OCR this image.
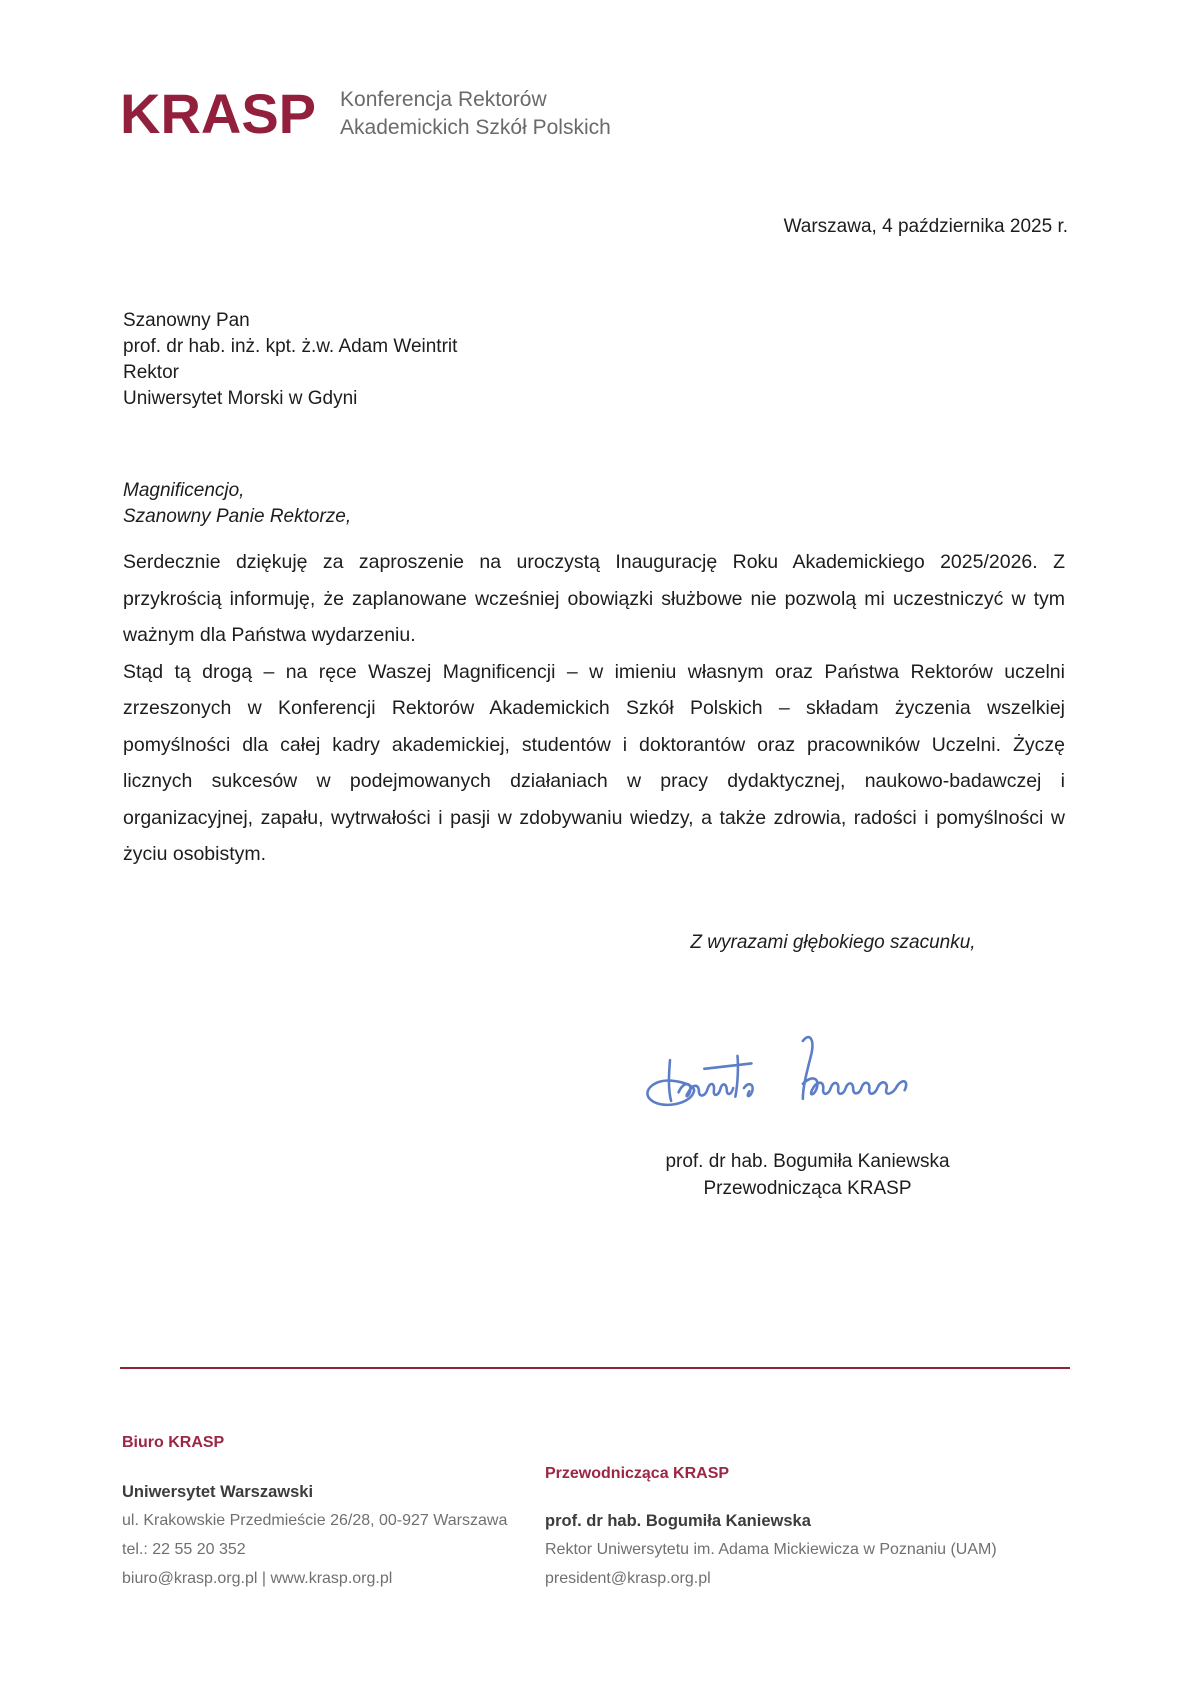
KRASP Konferencja Rektorów
Akademickich Szkół Polskich
Warszawa, 4 października 2025 r.
Szanowny Pan
prof. dr hab. inż. kpt. ż.w. Adam Weintrit
Rektor
Uniwersytet Morski w Gdyni
Magnificencjo,
Szanowny Panie Rektorze,

Serdecznie dziękuję za zaproszenie na uroczystą Inaugurację Roku Akademickiego 2025/2026. Z przykrością informuję, że zaplanowane wcześniej obowiązki służbowe nie pozwolą mi uczestniczyć w tym ważnym dla Państwa wydarzeniu.

Stąd tą drogą – na ręce Waszej Magnificencji – w imieniu własnym oraz Państwa Rektorów uczelni zrzeszonych w Konferencji Rektorów Akademickich Szkół Polskich – składam życzenia wszelkiej pomyślności dla całej kadry akademickiej, studentów i doktorantów oraz pracowników Uczelni. Życzę licznych sukcesów w podejmowanych działaniach w pracy dydaktycznej, naukowo-badawczej i organizacyjnej, zapału, wytrwałości i pasji w zdobywaniu wiedzy, a także zdrowia, radości i pomyślności w życiu osobistym.

Z wyrazami głębokiego szacunku,
prof. dr hab. Bogumiła Kaniewska
Przewodnicząca KRASP
Biuro KRASP
Uniwersytet Warszawski
ul. Krakowskie Przedmieście 26/28, 00-927 Warszawa
tel.: 22 55 20 352
biuro@krasp.org.pl | www.krasp.org.pl
Przewodnicząca KRASP
prof. dr hab. Bogumiła Kaniewska
Rektor Uniwersytetu im. Adama Mickiewicza w Poznaniu (UAM)
president@krasp.org.pl
